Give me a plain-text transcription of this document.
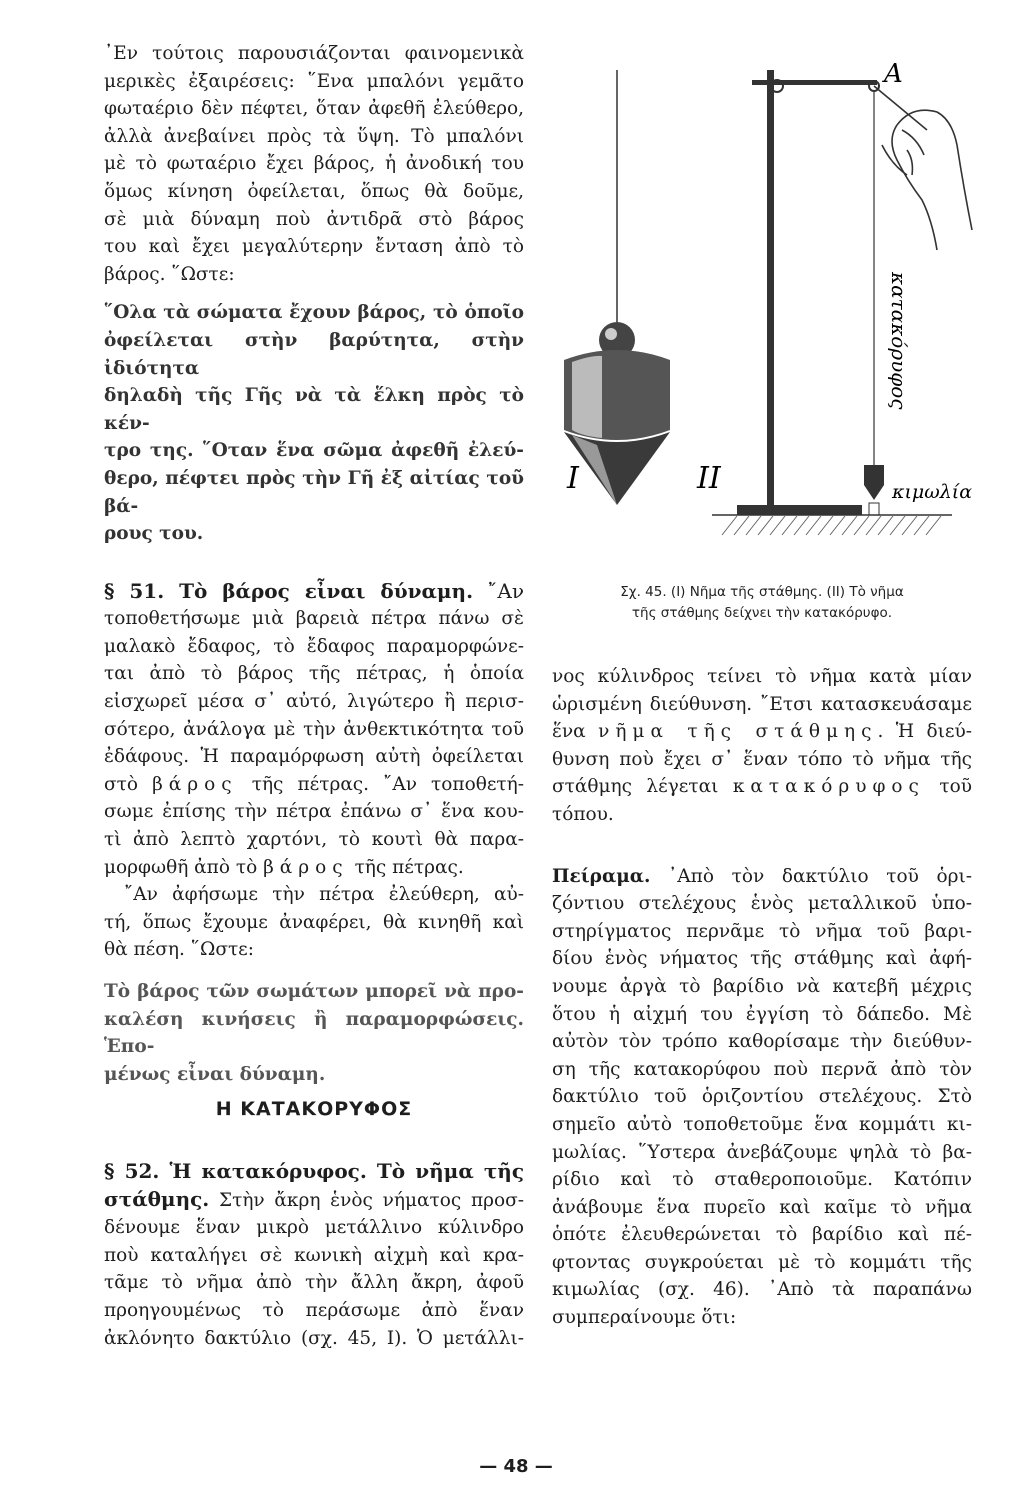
᾿Εν τούτοις παρουσιάζονται φαινομενικὰ

μερικὲς ἐξαιρέσεις: ῞Ενα μπαλόνι γεμᾶτο

φωταέριο δὲν πέφτει, ὅταν ἀφεθῆ ἐλεύθερο,

ἀλλὰ ἀνεβαίνει πρὸς τὰ ὕψη. Τὸ μπαλόνι

μὲ τὸ φωταέριο ἔχει βάρος, ἡ ἀνοδική του

ὅμως κίνηση ὀφείλεται, ὅπως θὰ δοῦμε,

σὲ μιὰ δύναμη ποὺ ἀντιδρᾶ στὸ βάρος

του καὶ ἔχει μεγαλύτερην ἔνταση ἀπὸ τὸ

βάρος. ῞Ωστε:

῞Ολα τὰ σώματα ἔχουν βάρος, τὸ ὁποῖο

ὀφείλεται στὴν βαρύτητα, στὴν ἰδιότητα

δηλαδὴ τῆς Γῆς νὰ τὰ ἕλκη πρὸς τὸ κέν-

τρο της. ῞Οταν ἕνα σῶμα ἀφεθῆ ἐλεύ-

θερο, πέφτει πρὸς τὴν Γῆ ἐξ αἰτίας τοῦ βά-

ρους του.

§ 51. Τὸ βάρος εἶναι δύναμη. ῎Αν

τοποθετήσωμε μιὰ βαρειὰ πέτρα πάνω σὲ

μαλακὸ ἔδαφος, τὸ ἔδαφος παραμορφώνε-

ται ἀπὸ τὸ βάρος τῆς πέτρας, ἡ ὁποία

εἰσχωρεῖ μέσα σ᾿ αὐτό, λιγώτερο ἢ περισ-

σότερο, ἀνάλογα μὲ τὴν ἀνθεκτικότητα τοῦ

ἐδάφους. Ἡ παραμόρφωση αὐτὴ ὀφείλεται

στὸ βάρος τῆς πέτρας. ῎Αν τοποθετή-

σωμε ἐπίσης τὴν πέτρα ἐπάνω σ᾿ ἕνα κου-

τὶ ἀπὸ λεπτὸ χαρτόνι, τὸ κουτὶ θὰ παρα-

μορφωθῆ ἀπὸ τὸ βάρος τῆς πέτρας.

῎Αν ἀφήσωμε τὴν πέτρα ἐλεύθερη, αὐ-

τή, ὅπως ἔχουμε ἀναφέρει, θὰ κινηθῆ καὶ

θὰ πέση. ῞Ωστε:

Τὸ βάρος τῶν σωμάτων μπορεῖ νὰ προ-

καλέση κινήσεις ἢ παραμορφώσεις. Ἑπο-

μένως εἶναι δύναμη.

Η ΚΑΤΑΚΟΡΥΦΟΣ

§ 52. Ἡ κατακόρυφος. Τὸ νῆμα τῆς

στάθμης. Στὴν ἄκρη ἑνὸς νήματος προσ-

δένουμε ἕναν μικρὸ μετάλλινο κύλινδρο

ποὺ καταλήγει σὲ κωνικὴ αἰχμὴ καὶ κρα-

τᾶμε τὸ νῆμα ἀπὸ τὴν ἄλλη ἄκρη, ἀφοῦ

προηγουμένως τὸ περάσωμε ἀπὸ ἕναν

ἀκλόνητο δακτύλιο (σχ. 45, Ι). Ὁ μετάλλι-

A
I	II	κιμωλία
κατακόρυφος
Σχ. 45. (Ι) Νῆμα τῆς στάθμης. (ΙΙ) Τὸ νῆμα
τῆς στάθμης δείχνει τὴν κατακόρυφο.

νος κύλινδρος τείνει τὸ νῆμα κατὰ μίαν

ὡρισμένη διεύθυνση. ῎Ετσι κατασκευάσαμε

ἕνα νῆμα τῆς στάθμης. Ἡ διεύ-

θυνση ποὺ ἔχει σ᾿ ἕναν τόπο τὸ νῆμα τῆς

στάθμης λέγεται κατακόρυφος τοῦ

τόπου.

Πείραμα. ᾿Απὸ τὸν δακτύλιο τοῦ ὁρι-

ζόντιου στελέχους ἑνὸς μεταλλικοῦ ὑπο-

στηρίγματος περνᾶμε τὸ νῆμα τοῦ βαρι-

δίου ἑνὸς νήματος τῆς στάθμης καὶ ἀφή-

νουμε ἀργὰ τὸ βαρίδιο νὰ κατεβῆ μέχρις

ὅτου ἡ αἰχμή του ἐγγίση τὸ δάπεδο. Μὲ

αὐτὸν τὸν τρόπο καθορίσαμε τὴν διεύθυν-

ση τῆς κατακορύφου ποὺ περνᾶ ἀπὸ τὸν

δακτύλιο τοῦ ὁριζοντίου στελέχους. Στὸ

σημεῖο αὐτὸ τοποθετοῦμε ἕνα κομμάτι κι-

μωλίας. ῞Υστερα ἀνεβάζουμε ψηλὰ τὸ βα-

ρίδιο καὶ τὸ σταθεροποιοῦμε. Κατόπιν

ἀνάβουμε ἕνα πυρεῖο καὶ καῖμε τὸ νῆμα

ὁπότε ἐλευθερώνεται τὸ βαρίδιο καὶ πέ-

φτοντας συγκρούεται μὲ τὸ κομμάτι τῆς

κιμωλίας (σχ. 46). ᾿Απὸ τὰ παραπάνω

συμπεραίνουμε ὅτι:

— 48 —
